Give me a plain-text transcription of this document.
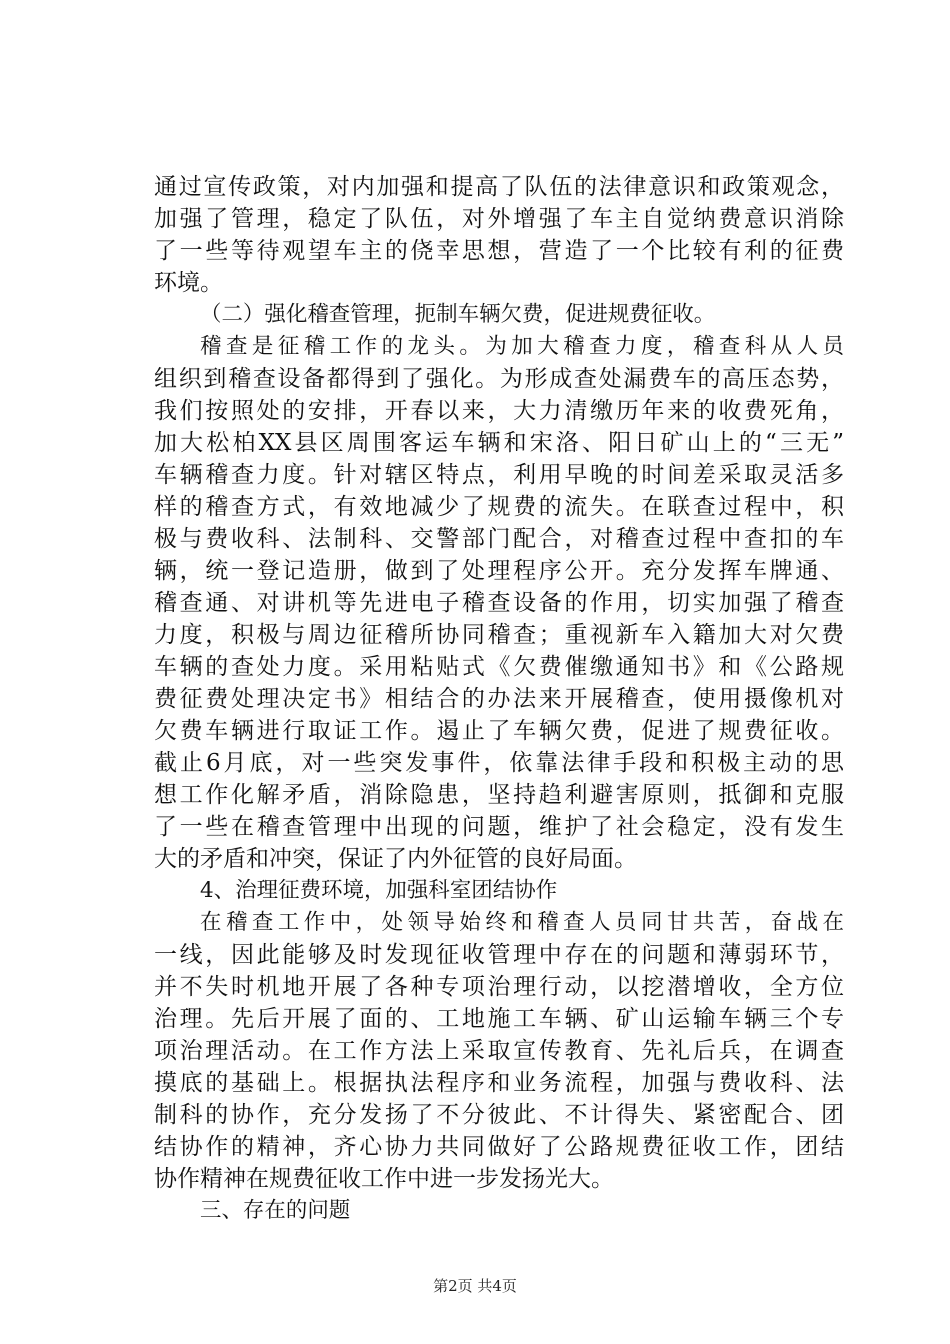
通过宣传政策，对内加强和提高了队伍的法律意识和政策观念，
加强了管理，稳定了队伍，对外增强了车主自觉纳费意识消除
了一些等待观望车主的侥幸思想，营造了一个比较有利的征费
环境。
（二）强化稽查管理，扼制车辆欠费，促进规费征收。
稽查是征稽工作的龙头。为加大稽查力度，稽查科从人员
组织到稽查设备都得到了强化。为形成查处漏费车的高压态势，
我们按照处的安排，开春以来，大力清缴历年来的收费死角，
加大松柏XX县区周围客运车辆和宋洛、阳日矿山上的“三无”
车辆稽查力度。针对辖区特点，利用早晚的时间差采取灵活多
样的稽查方式，有效地减少了规费的流失。在联查过程中，积
极与费收科、法制科、交警部门配合，对稽查过程中查扣的车
辆，统一登记造册，做到了处理程序公开。充分发挥车牌通、
稽查通、对讲机等先进电子稽查设备的作用，切实加强了稽查
力度，积极与周边征稽所协同稽查；重视新车入籍加大对欠费
车辆的查处力度。采用粘贴式《欠费催缴通知书》和《公路规
费征费处理决定书》相结合的办法来开展稽查，使用摄像机对
欠费车辆进行取证工作。遏止了车辆欠费，促进了规费征收。
截止6月底，对一些突发事件，依靠法律手段和积极主动的思
想工作化解矛盾，消除隐患，坚持趋利避害原则，抵御和克服
了一些在稽查管理中出现的问题，维护了社会稳定，没有发生
大的矛盾和冲突，保证了内外征管的良好局面。
4、治理征费环境，加强科室团结协作
在稽查工作中，处领导始终和稽查人员同甘共苦，奋战在
一线，因此能够及时发现征收管理中存在的问题和薄弱环节，
并不失时机地开展了各种专项治理行动，以挖潜增收，全方位
治理。先后开展了面的、工地施工车辆、矿山运输车辆三个专
项治理活动。在工作方法上采取宣传教育、先礼后兵，在调查
摸底的基础上。根据执法程序和业务流程，加强与费收科、法
制科的协作，充分发扬了不分彼此、不计得失、紧密配合、团
结协作的精神，齐心协力共同做好了公路规费征收工作，团结
协作精神在规费征收工作中进一步发扬光大。
三、存在的问题
第2页 共4页
